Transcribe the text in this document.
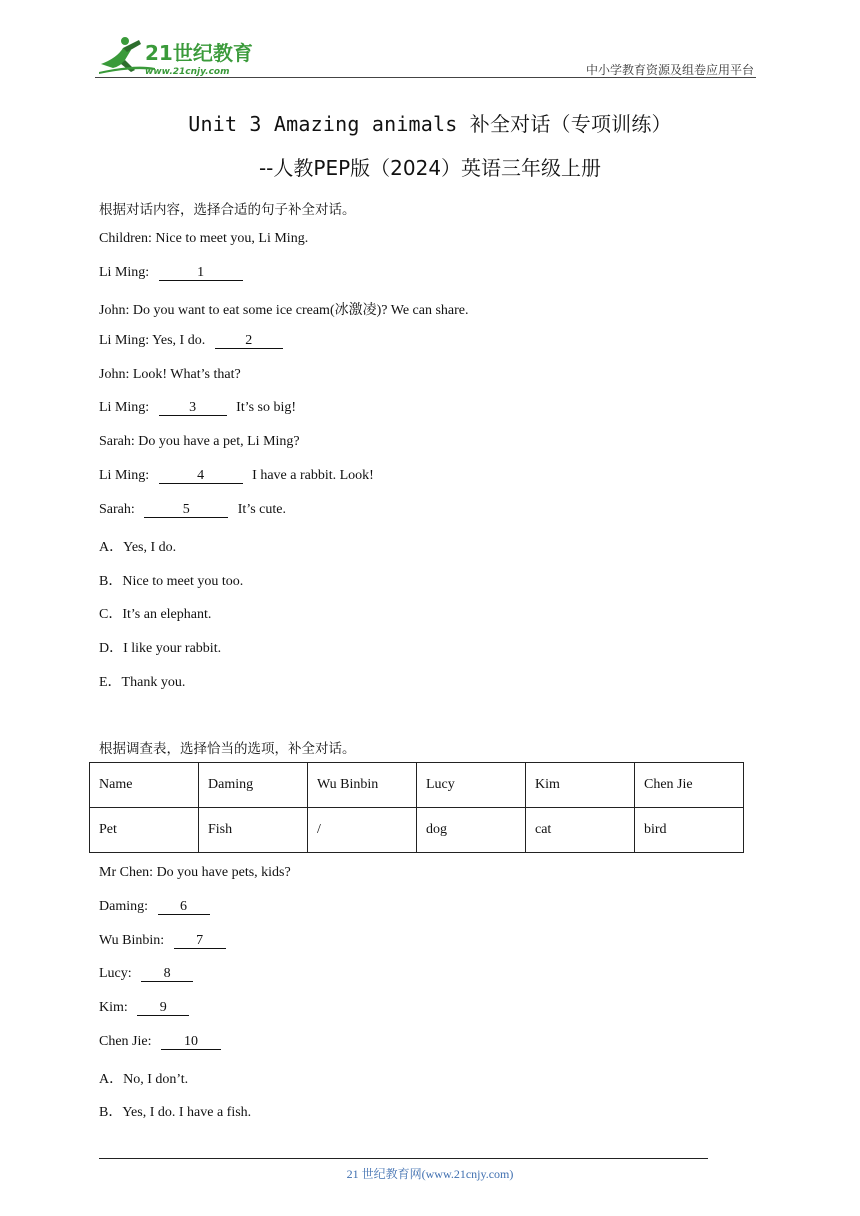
21世纪教育
www.21cnjy.com	中小学教育资源及组卷应用平台
Unit 3 Amazing animals 补全对话（专项训练）
--人教PEP版（2024）英语三年级上册
根据对话内容，选择合适的句子补全对话。
Children: Nice to meet you, Li Ming.
Li Ming:	1
John: Do you want to eat some ice cream(冰激凌)? We can share.
Li Ming: Yes, I do.	2
John: Look! What’s that?
Li Ming:	3	It’s so big!
Sarah: Do you have a pet, Li Ming?
Li Ming:	4	I have a rabbit. Look!
Sarah:	5	It’s cute.
A．Yes, I do.
B．Nice to meet you too.
C．It’s an elephant.
D．I like your rabbit.
E．Thank you.
根据调查表，选择恰当的选项，补全对话。
Name	Daming	Wu Binbin	Lucy	Kim	Chen Jie
Pet	Fish	/	dog	cat	bird
Mr Chen: Do you have pets, kids?
Daming: 6
Wu Binbin: 7
Lucy: 8
Kim: 9
Chen Jie: 10
A．No, I don’t.
B．Yes, I do. I have a fish.
21 世纪教育网(www.21cnjy.com)
